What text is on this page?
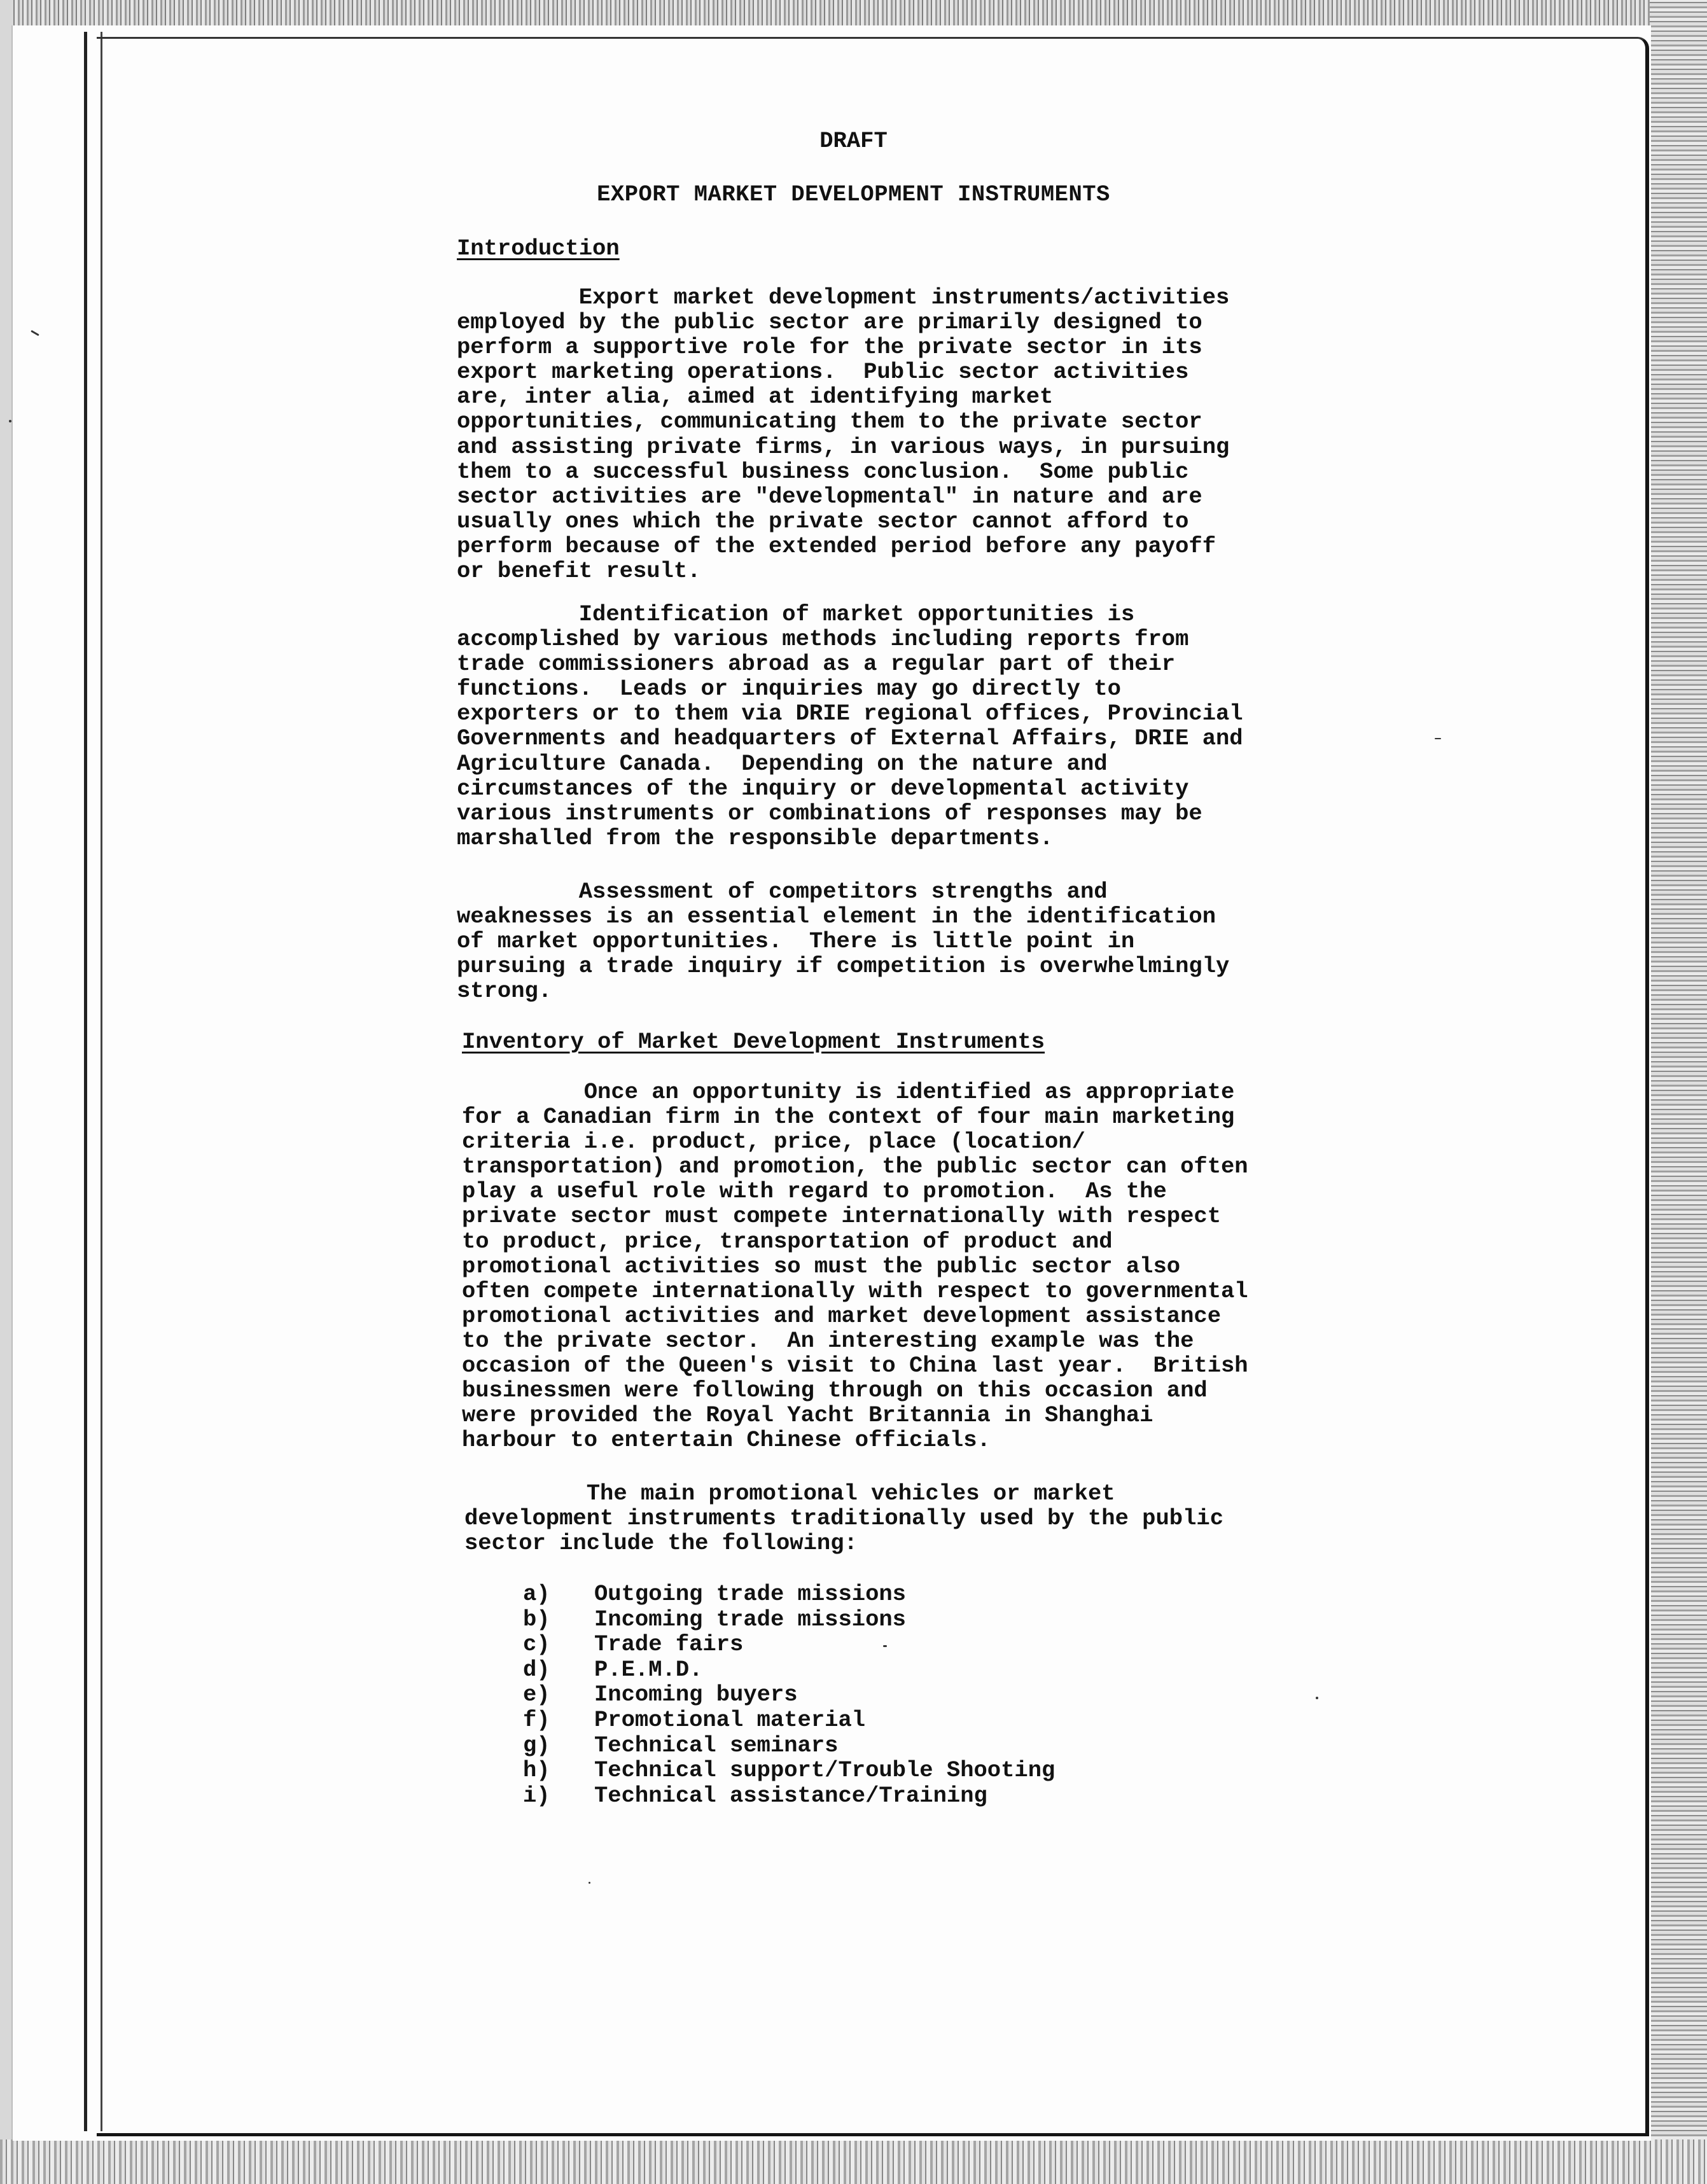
DRAFT
EXPORT MARKET DEVELOPMENT INSTRUMENTS
Introduction
Export market development instruments/activities
employed by the public sector are primarily designed to
perform a supportive role for the private sector in its
export marketing operations.  Public sector activities
are, inter alia, aimed at identifying market
opportunities, communicating them to the private sector
and assisting private firms, in various ways, in pursuing
them to a successful business conclusion.  Some public
sector activities are "developmental" in nature and are
usually ones which the private sector cannot afford to
perform because of the extended period before any payoff
or benefit result.
Identification of market opportunities is
accomplished by various methods including reports from
trade commissioners abroad as a regular part of their
functions.  Leads or inquiries may go directly to
exporters or to them via DRIE regional offices, Provincial
Governments and headquarters of External Affairs, DRIE and
Agriculture Canada.  Depending on the nature and
circumstances of the inquiry or developmental activity
various instruments or combinations of responses may be
marshalled from the responsible departments.
Assessment of competitors strengths and
weaknesses is an essential element in the identification
of market opportunities.  There is little point in
pursuing a trade inquiry if competition is overwhelmingly
strong.
Inventory of Market Development Instruments
Once an opportunity is identified as appropriate
for a Canadian firm in the context of four main marketing
criteria i.e. product, price, place (location/
transportation) and promotion, the public sector can often
play a useful role with regard to promotion.  As the
private sector must compete internationally with respect
to product, price, transportation of product and
promotional activities so must the public sector also
often compete internationally with respect to governmental
promotional activities and market development assistance
to the private sector.  An interesting example was the
occasion of the Queen's visit to China last year.  British
businessmen were following through on this occasion and
were provided the Royal Yacht Britannia in Shanghai
harbour to entertain Chinese officials.
The main promotional vehicles or market
development instruments traditionally used by the public
sector include the following:
a)	Outgoing trade missions
b)	Incoming trade missions
c)	Trade fairs
d)	P.E.M.D.
e)	Incoming buyers
f)	Promotional material
g)	Technical seminars
h)	Technical support/Trouble Shooting
i)	Technical assistance/Training
